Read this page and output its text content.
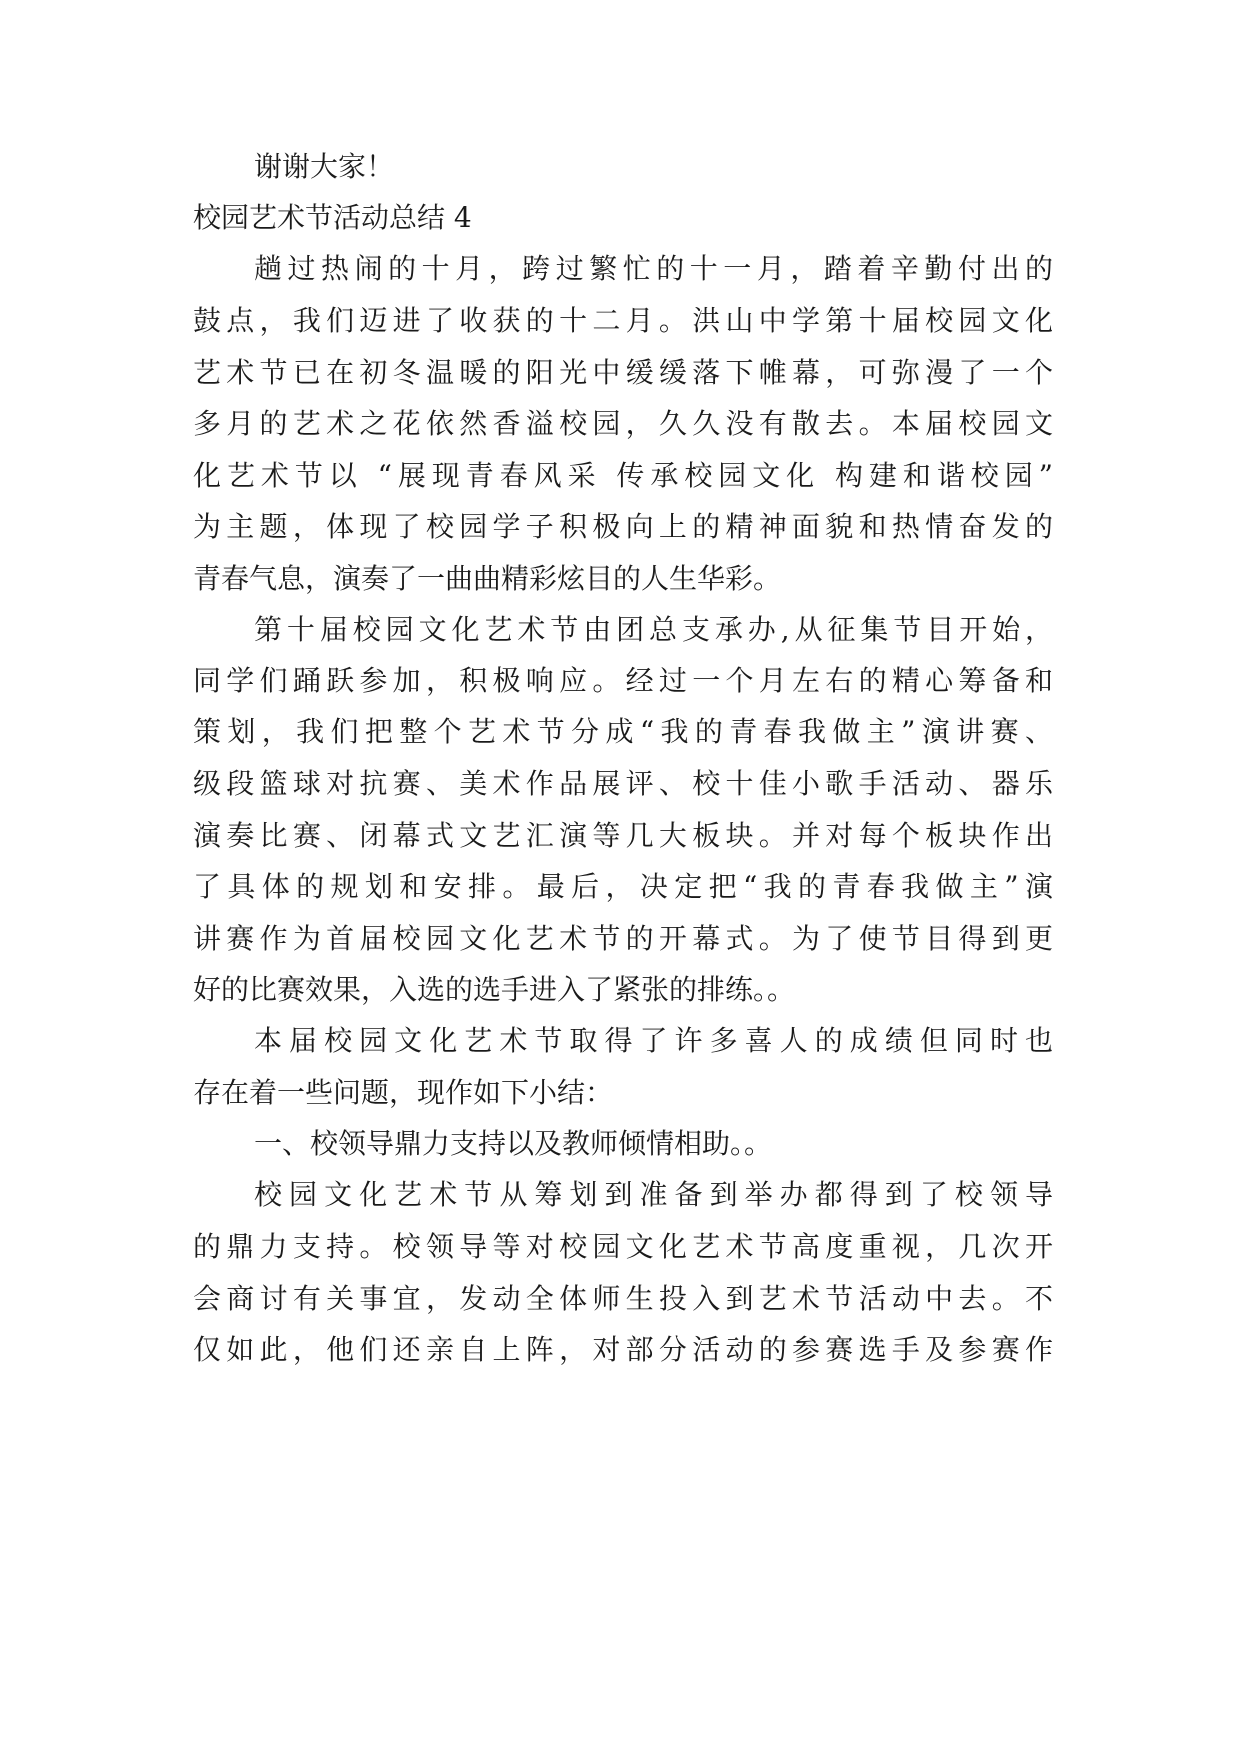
谢谢大家！
校园艺术节活动总结 4
趟过热闹的十月，跨过繁忙的十一月，踏着辛勤付出的
鼓点，我们迈进了收获的十二月。洪山中学第十届校园文化
艺术节已在初冬温暖的阳光中缓缓落下帷幕，可弥漫了一个
多月的艺术之花依然香溢校园，久久没有散去。本届校园文
化艺术节以 “展现青春风采 传承校园文化 构建和谐校园”
为主题，体现了校园学子积极向上的精神面貌和热情奋发的
青春气息，演奏了一曲曲精彩炫目的人生华彩。
第十届校园文化艺术节由团总支承办,从征集节目开始，
同学们踊跃参加，积极响应。经过一个月左右的精心筹备和
策划，我们把整个艺术节分成“我的青春我做主”演讲赛、
级段篮球对抗赛、美术作品展评、校十佳小歌手活动、器乐
演奏比赛、闭幕式文艺汇演等几大板块。并对每个板块作出
了具体的规划和安排。最后，决定把“我的青春我做主”演
讲赛作为首届校园文化艺术节的开幕式。为了使节目得到更
好的比赛效果，入选的选手进入了紧张的排练。。
本届校园文化艺术节取得了许多喜人的成绩但同时也
存在着一些问题，现作如下小结：
一、校领导鼎力支持以及教师倾情相助。。
校园文化艺术节从筹划到准备到举办都得到了校领导
的鼎力支持。校领导等对校园文化艺术节高度重视，几次开
会商讨有关事宜，发动全体师生投入到艺术节活动中去。不
仅如此，他们还亲自上阵，对部分活动的参赛选手及参赛作
